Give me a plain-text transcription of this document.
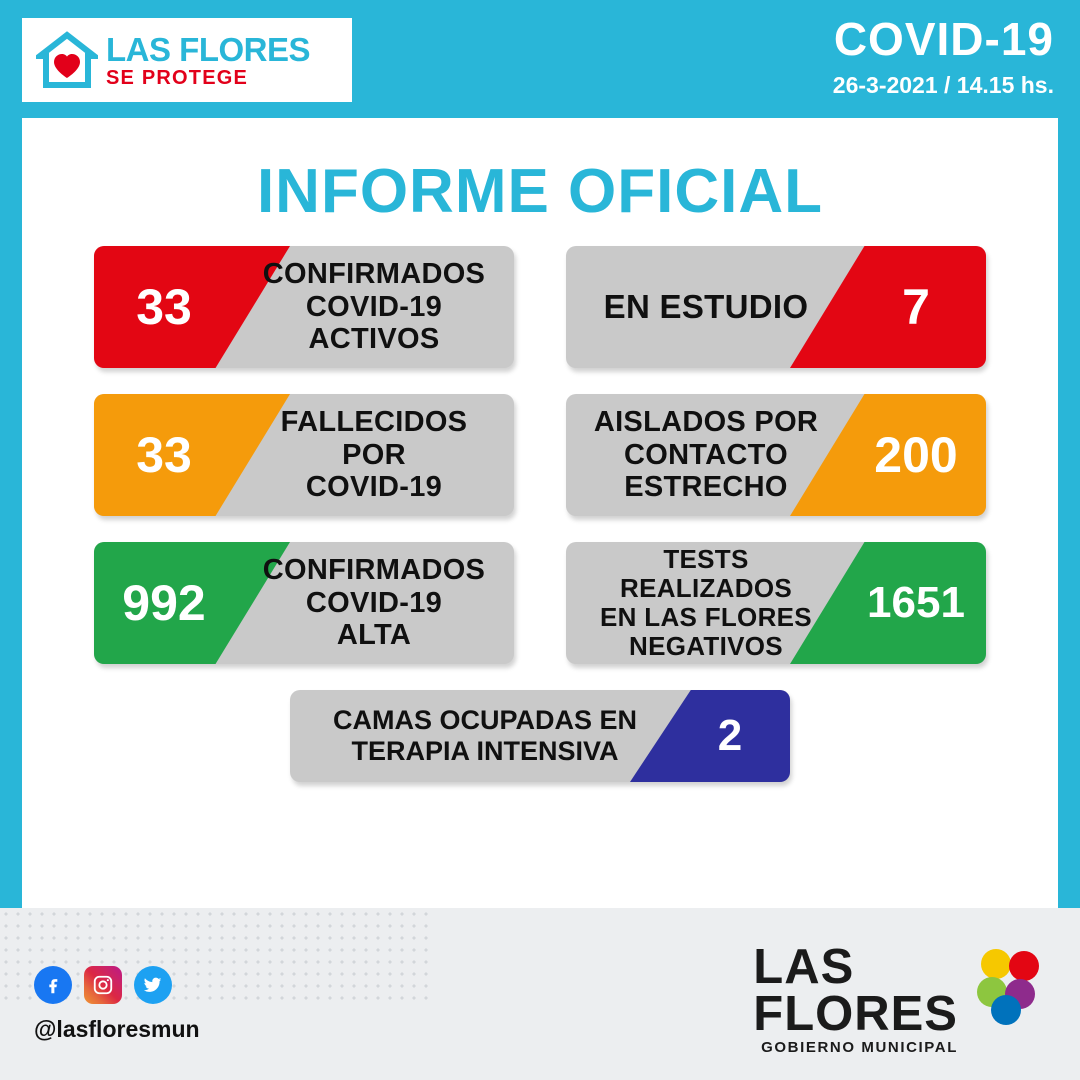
LAS FLORES
SE PROTEGE
COVID-19
26-3-2021 / 14.15 hs.
INFORME OFICIAL
33
CONFIRMADOS
COVID-19
ACTIVOS
EN ESTUDIO	7
33
FALLECIDOS
POR
COVID-19
AISLADOS POR
CONTACTO
ESTRECHO
200
992
CONFIRMADOS
COVID-19
ALTA
TESTS REALIZADOS
EN LAS FLORES
NEGATIVOS
1651
CAMAS OCUPADAS EN
TERAPIA INTENSIVA	2
@lasfloresmun
LAS
FLORES
GOBIERNO MUNICIPAL
